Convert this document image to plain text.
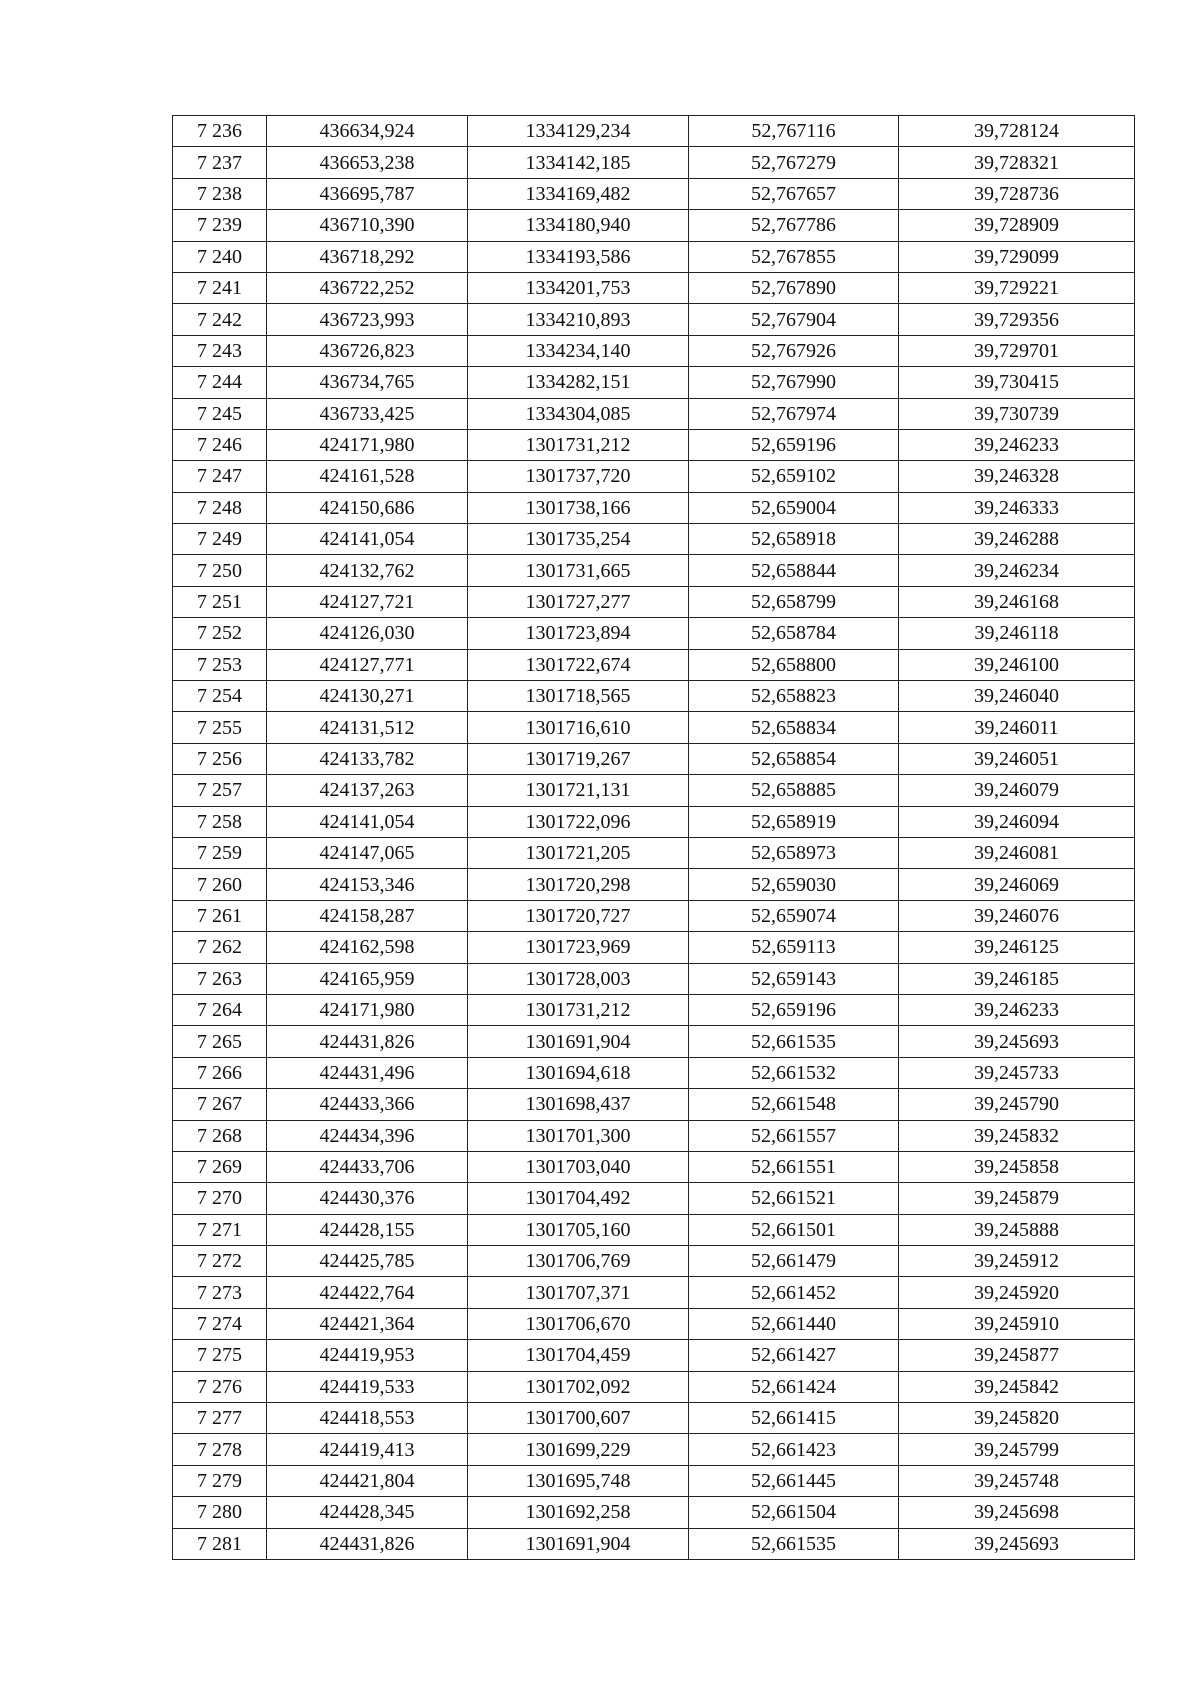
7 236	436634,924	1334129,234	52,767116	39,728124
7 237	436653,238	1334142,185	52,767279	39,728321
7 238	436695,787	1334169,482	52,767657	39,728736
7 239	436710,390	1334180,940	52,767786	39,728909
7 240	436718,292	1334193,586	52,767855	39,729099
7 241	436722,252	1334201,753	52,767890	39,729221
7 242	436723,993	1334210,893	52,767904	39,729356
7 243	436726,823	1334234,140	52,767926	39,729701
7 244	436734,765	1334282,151	52,767990	39,730415
7 245	436733,425	1334304,085	52,767974	39,730739
7 246	424171,980	1301731,212	52,659196	39,246233
7 247	424161,528	1301737,720	52,659102	39,246328
7 248	424150,686	1301738,166	52,659004	39,246333
7 249	424141,054	1301735,254	52,658918	39,246288
7 250	424132,762	1301731,665	52,658844	39,246234
7 251	424127,721	1301727,277	52,658799	39,246168
7 252	424126,030	1301723,894	52,658784	39,246118
7 253	424127,771	1301722,674	52,658800	39,246100
7 254	424130,271	1301718,565	52,658823	39,246040
7 255	424131,512	1301716,610	52,658834	39,246011
7 256	424133,782	1301719,267	52,658854	39,246051
7 257	424137,263	1301721,131	52,658885	39,246079
7 258	424141,054	1301722,096	52,658919	39,246094
7 259	424147,065	1301721,205	52,658973	39,246081
7 260	424153,346	1301720,298	52,659030	39,246069
7 261	424158,287	1301720,727	52,659074	39,246076
7 262	424162,598	1301723,969	52,659113	39,246125
7 263	424165,959	1301728,003	52,659143	39,246185
7 264	424171,980	1301731,212	52,659196	39,246233
7 265	424431,826	1301691,904	52,661535	39,245693
7 266	424431,496	1301694,618	52,661532	39,245733
7 267	424433,366	1301698,437	52,661548	39,245790
7 268	424434,396	1301701,300	52,661557	39,245832
7 269	424433,706	1301703,040	52,661551	39,245858
7 270	424430,376	1301704,492	52,661521	39,245879
7 271	424428,155	1301705,160	52,661501	39,245888
7 272	424425,785	1301706,769	52,661479	39,245912
7 273	424422,764	1301707,371	52,661452	39,245920
7 274	424421,364	1301706,670	52,661440	39,245910
7 275	424419,953	1301704,459	52,661427	39,245877
7 276	424419,533	1301702,092	52,661424	39,245842
7 277	424418,553	1301700,607	52,661415	39,245820
7 278	424419,413	1301699,229	52,661423	39,245799
7 279	424421,804	1301695,748	52,661445	39,245748
7 280	424428,345	1301692,258	52,661504	39,245698
7 281	424431,826	1301691,904	52,661535	39,245693
